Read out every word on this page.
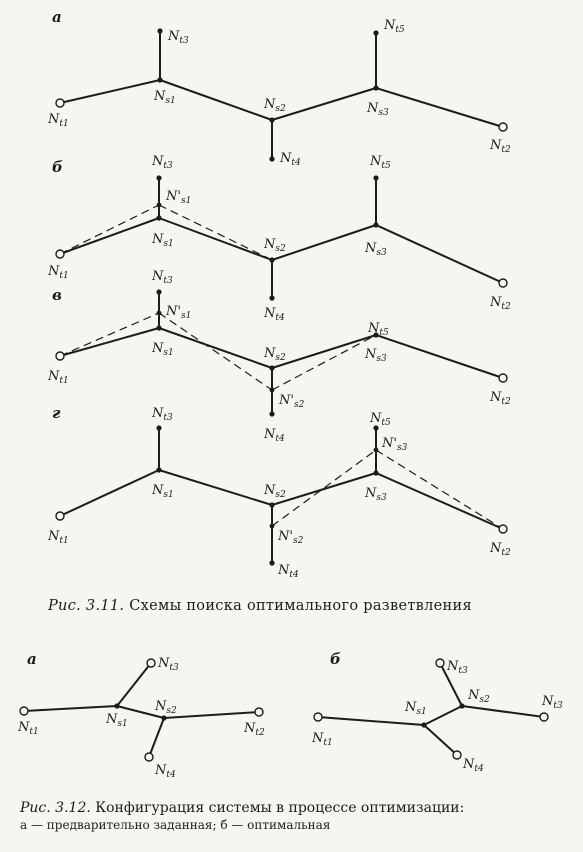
а
$N_{t3}$
$N_{t5}$
$N_{s1}$	$N_{s2}$	$N_{s3}$
$N_{t4}$
$N_{t1}$
$N_{t2}$
б	$N_{t3}$
$N'_{s1}$
$N_{s1}$	$N_{s2}$
$N_{t4}$
$N_{t5}$
$N_{s3}$
$N_{t1}$
$N_{t2}$
в
$N_{t3}$
$N'_{s1}$
$N_{s1}$	$N_{s2}$
$N'_{s2}$
$N_{t4}$
$N_{t5}$
$N_{s3}$
$N_{t1}$
$N_{t2}$
г	$N_{t3}$
$N_{s1}$	$N_{s2}$
$N'_{s2}$
$N_{t4}$
$N_{t5}$
$N'_{s3}$
$N_{s3}$
$N_{t1}$	$N_{t2}$
а
$N_{t1}$
$N_{s1}$
$N_{t3}$
$N_{s2}$
$N_{t4}$
$N_{t2}$
б
$N_{t1}$
$N_{s1}$
$N_{t3}$
$N_{s2}$
$N_{t4}$
$N_{t3}$
Рис. 3.11. Схемы поиска оптимального разветвления
Рис. 3.12. Конфигурация системы в процессе оптимизации:
а — предварительно заданная; б — оптимальная
